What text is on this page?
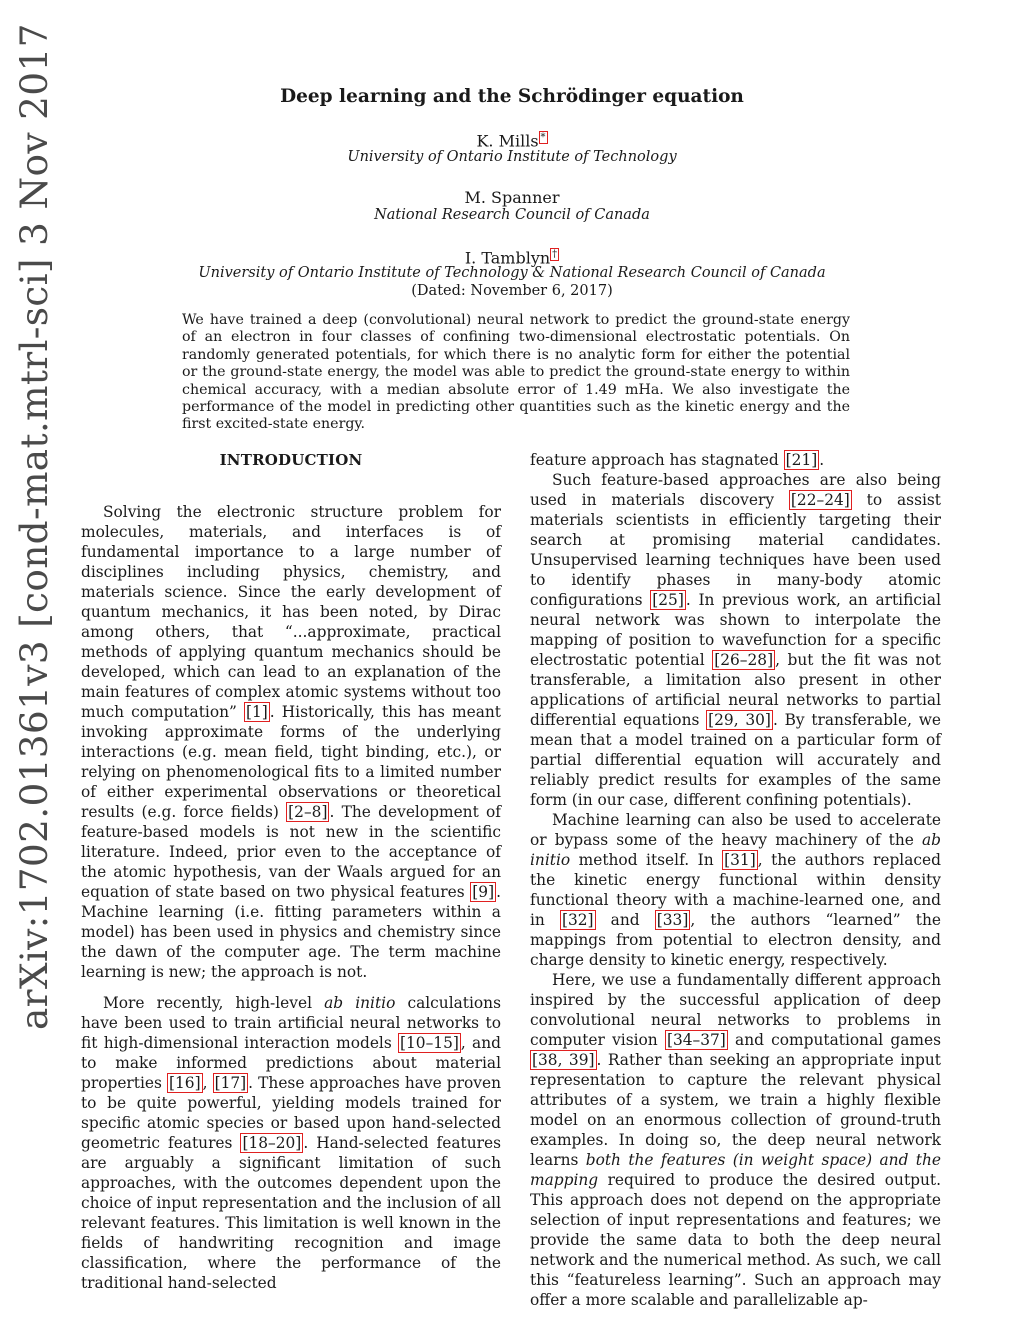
Deep learning and the Schrödinger equation
K. Mills *
University of Ontario Institute of Technology
M. Spanner
National Research Council of Canada
I. Tamblyn †
University of Ontario Institute of Technology & National Research Council of Canada
(Dated: November 6, 2017)
We have trained a deep (convolutional) neural network to predict the ground-state energy of an electron in four classes of confining two-dimensional electrostatic potentials. On randomly generated potentials, for which there is no analytic form for either the potential or the ground-state energy, the model was able to predict the ground-state energy to within chemical accuracy, with a median absolute error of 1.49 mHa. We also investigate the performance of the model in predicting other quantities such as the kinetic energy and the first excited-state energy.

INTRODUCTION

Solving the electronic structure problem for molecules, materials, and interfaces is of fundamental importance to a large number of disciplines including physics, chemistry, and materials science. Since the early development of quantum mechanics, it has been noted, by Dirac among others, that “...approximate, practical methods of applying quantum mechanics should be developed, which can lead to an explanation of the main features of complex atomic systems without too much computation” [1] . Historically, this has meant invoking approximate forms of the underlying interactions (e.g. mean field, tight binding, etc.), or relying on phenomenological fits to a limited number of either experimental observations or theoretical results (e.g. force fields) [2–8] . The development of feature-based models is not new in the scientific literature. Indeed, prior even to the acceptance of the atomic hypothesis, van der Waals argued for an equation of state based on two physical features [9] . Machine learning (i.e. fitting parameters within a model) has been used in physics and chemistry since the dawn of the computer age. The term machine learning is new; the approach is not.

More recently, high-level ab initio calculations have been used to train artificial neural networks to fit high-dimensional interaction models [10–15] , and to make informed predictions about material properties [16] , [17] . These approaches have proven to be quite powerful, yielding models trained for specific atomic species or based upon hand-selected geometric features [18–20] . Hand-selected features are arguably a significant limitation of such approaches, with the outcomes dependent upon the choice of input representation and the inclusion of all relevant features. This limitation is well known in the fields of handwriting recognition and image classification, where the performance of the traditional hand-selected

feature approach has stagnated [21] .

Such feature-based approaches are also being used in materials discovery [22–24] to assist materials scientists in efficiently targeting their search at promising material candidates. Unsupervised learning techniques have been used to identify phases in many-body atomic configurations [25] . In previous work, an artificial neural network was shown to interpolate the mapping of position to wavefunction for a specific electrostatic potential [26–28] , but the fit was not transferable, a limitation also present in other applications of artificial neural networks to partial differential equations [29, 30] . By transferable, we mean that a model trained on a particular form of partial differential equation will accurately and reliably predict results for examples of the same form (in our case, different confining potentials).

Machine learning can also be used to accelerate or bypass some of the heavy machinery of the ab initio method itself. In [31] , the authors replaced the kinetic energy functional within density functional theory with a machine-learned one, and in [32] and [33] , the authors “learned” the mappings from potential to electron density, and charge density to kinetic energy, respectively.

Here, we use a fundamentally different approach inspired by the successful application of deep convolutional neural networks to problems in computer vision [34–37] and computational games [38, 39] . Rather than seeking an appropriate input representation to capture the relevant physical attributes of a system, we train a highly flexible model on an enormous collection of ground-truth examples. In doing so, the deep neural network learns both the features (in weight space) and the mapping required to produce the desired output. This approach does not depend on the appropriate selection of input representations and features; we provide the same data to both the deep neural network and the numerical method. As such, we call this “featureless learning”. Such an approach may offer a more scalable and parallelizable ap-

arXiv:1702.01361v3 [cond-mat.mtrl-sci] 3 Nov 2017
